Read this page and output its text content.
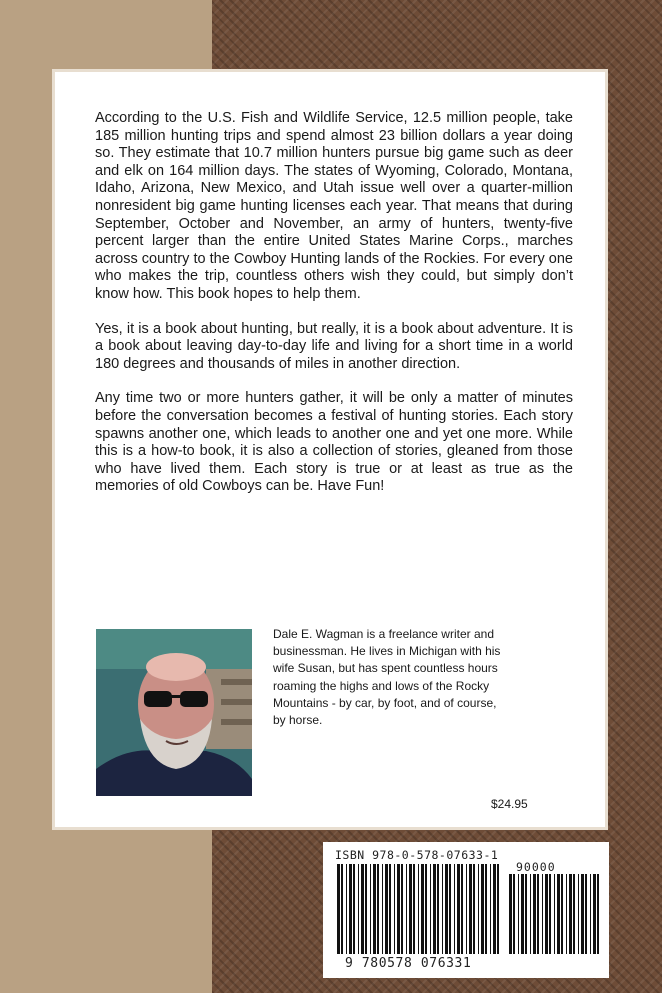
According to the U.S. Fish and Wildlife Service, 12.5 million people, take 185 million hunting trips and spend almost 23 billion dollars a year doing so. They estimate that 10.7 million hunters pursue big game such as deer and elk on 164 million days. The states of Wyoming, Colorado, Montana, Idaho, Arizona, New Mexico, and Utah issue well over a quarter-million nonresident big game hunting licenses each year. That means that during September, October and November, an army of hunters, twenty-five percent larger than the entire United States Marine Corps., marches across country to the Cowboy Hunting lands of the Rockies. For every one who makes the trip, countless others wish they could, but simply don’t know how. This book hopes to help them.

Yes, it is a book about hunting, but really, it is a book about adventure. It is a book about leaving day-to-day life and living for a short time in a world 180 degrees and thousands of miles in another direction.

Any time two or more hunters gather, it will be only a matter of minutes before the conversation becomes a festival of hunting stories. Each story spawns another one, which leads to another one and yet one more. While this is a how-to book, it is also a collection of stories, gleaned from those who have lived them. Each story is true or at least as true as the memories of old Cowboys can be. Have Fun!

Dale E. Wagman is a freelance writer and businessman. He lives in Michigan with his wife Susan, but has spent countless hours roaming the highs and lows of the Rocky Mountains - by car, by foot, and of course, by horse.
$24.95
ISBN 978-0-578-07633-1
90000
9 780578 076331
